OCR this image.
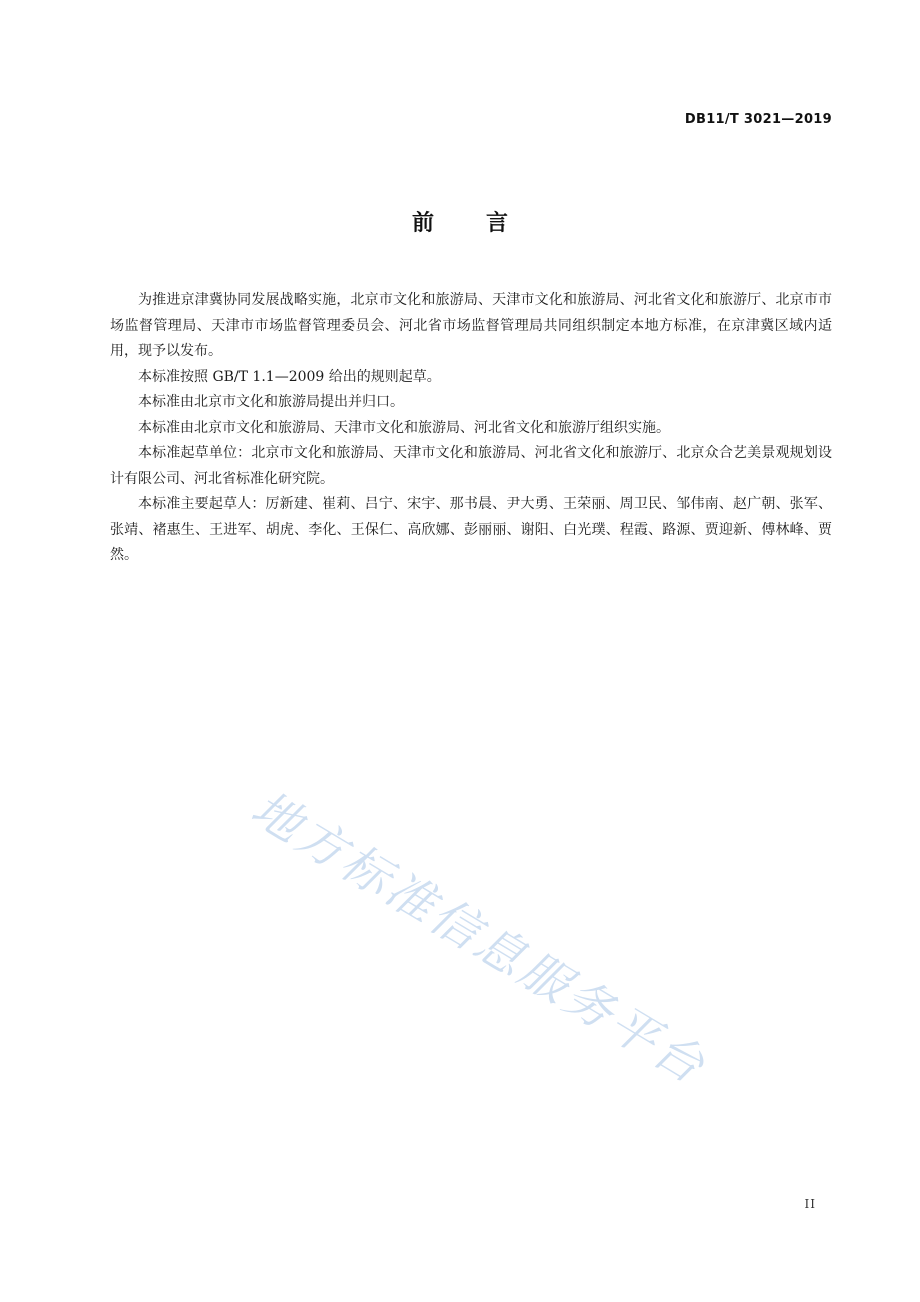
DB11/T 3021—2019
前言

为推进京津冀协同发展战略实施，北京市文化和旅游局、天津市文化和旅游局、河北省文化和旅游厅、北京市市场监督管理局、天津市市场监督管理委员会、河北省市场监督管理局共同组织制定本地方标准，在京津冀区域内适用，现予以发布。

本标准按照 GB/T 1.1—2009 给出的规则起草。

本标准由北京市文化和旅游局提出并归口。

本标准由北京市文化和旅游局、天津市文化和旅游局、河北省文化和旅游厅组织实施。

本标准起草单位：北京市文化和旅游局、天津市文化和旅游局、河北省文化和旅游厅、北京众合艺美景观规划设计有限公司、河北省标准化研究院。

本标准主要起草人：厉新建、崔莉、吕宁、宋宇、那书晨、尹大勇、王荣丽、周卫民、邹伟南、赵广朝、张军、张靖、褚惠生、王进军、胡虎、李化、王保仁、高欣娜、彭丽丽、谢阳、白光璞、程霞、路源、贾迎新、傅林峰、贾然。

地方标准信息服务平台
II
